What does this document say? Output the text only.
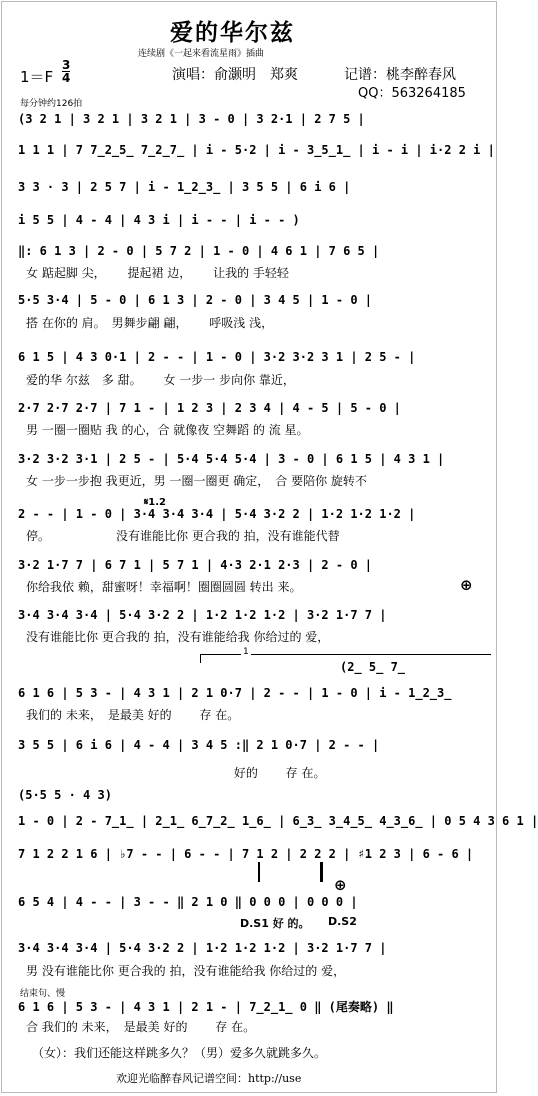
爱的华尔兹
连续剧《一起来看流星雨》插曲
1＝F
3
4	演唱：俞灏明　郑爽	记谱：桃李醉春风
QQ：563264185
每分钟约126拍
(3 2 1 | 3 2 1 | 3 2 1 | 3 - 0 | 3 2·1 | 2 7 5 |
1 1 1 | 7 7̲2̲5̲ 7̲2̲7̲ | i - 5·2 | i - 3̲5̲1̲ | i - i | i·2 2 i |
3 3 · 3 | 2 5 7 | i - 1̲2̲3̲ | 3 5 5 | 6 i 6 |
i 5 5 | 4 - 4 | 4 3 i | i - - | i - - )
‖: 6 1 3 | 2 - 0 | 5 7 2 | 1 - 0 | 4 6 1 | 7 6 5 |
女 踮起脚 尖，　　 提起裙 边，　　 让我的 手轻轻
5·5 3·4 | 5 - 0 | 6 1 3 | 2 - 0 | 3 4 5 | 1 - 0 |
搭 在你的 肩。　男舞步翩 翩，　　 呼吸浅 浅，
6 1 5 | 4 3 0·1 | 2 - - | 1 - 0 | 3·2 3·2 3 1 | 2 5 - |
爱的华 尔兹　多 甜。　　 女 一步一 步向你 靠近，
2·7 2·7 2·7 | 7 1 - | 1 2 3 | 2 3 4 | 4 - 5 | 5 - 0 |
男 一圈一圈贴 我 的心，合 就像夜 空舞蹈 的 流 星。
3·2 3·2 3·1 | 2 5 - | 5·4 5·4 5·4 | 3 - 0 | 6 1 5 | 4 3 1 |
女 一步一步抱 我更近，男 一圈一圈更 确定，　合 要陪你 旋转不
𝄋1.2
2 - - | 1 - 0 | 3·4 3·4 3·4 | 5·4 3·2 2 | 1·2 1·2 1·2 |
停。　　　　　　没有谁能比你 更合我的 拍，没有谁能代替
3·2 1·7 7 | 6 7 1 | 5 7 1 | 4·3 2·1 2·3 | 2 - 0 |
你给我依 赖，甜蜜呀！幸福啊！圈圈圆圆 转出 来。	⊕
3·4 3·4 3·4 | 5·4 3·2 2 | 1·2 1·2 1·2 | 3·2 1·7 7 |
没有谁能比你 更合我的 拍，没有谁能给我 你给过的 爱，
1
(2̲ 5̲ 7̲
6 1 6 | 5 3 - | 4 3 1 | 2 1 0·7 | 2 - - | 1 - 0 | i - 1̲2̲3̲
我们的 未来，　是最美 好的　　 存 在。
3 5 5 | 6 i 6 | 4 - 4 | 3 4 5 :‖ 2 1 0·7 | 2 - - |
　　　　　　　　　　　　　　　　　 好的　　 存 在。
(5·5 5 · 4 3)
1 - 0 | 2 - 7̲1̲ | 2̲1̲ 6̲7̲2̲ 1̲6̲ | 6̲3̲ 3̲4̲5̲ 4̲3̲6̲ | 0 5 4 3 6 1 |
7 1 2 2 1 6 | ♭7 - - | 6 - - | 7 1 2 | 2 2 2 | ♯1 2 3 | 6 - 6 |
⊕
6 5 4 | 4 - - | 3 - - ‖ 2 1 0 ‖ 0 0 0 | 0 0 0 |
D.S1 好 的。 D.S2
3·4 3·4 3·4 | 5·4 3·2 2 | 1·2 1·2 1·2 | 3·2 1·7 7 |
男 没有谁能比你 更合我的 拍，没有谁能给我 你给过的 爱，
结束句、慢
6 1 6 | 5 3 - | 4 3 1 | 2 1 - | 7̲2̲1̲ 0 ‖ (尾奏略) ‖
合 我们的 未来，　是最美 好的　　 存 在。
（女）：我们还能这样跳多久？（男）爱多久就跳多久。
欢迎光临醉春风记谱空间：http://use
